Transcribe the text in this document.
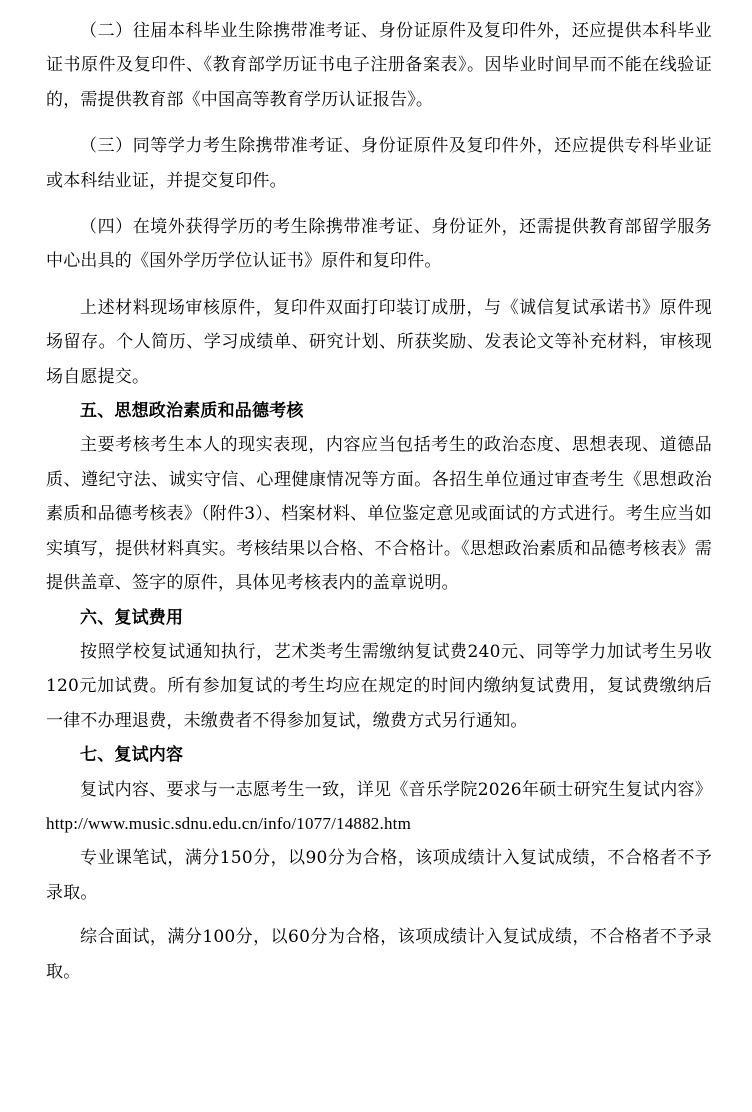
（二）往届本科毕业生除携带准考证、身份证原件及复印件外，还应提供本科毕业证书原件及复印件、《教育部学历证书电子注册备案表》。因毕业时间早而不能在线验证的，需提供教育部《中国高等教育学历认证报告》。

（三）同等学力考生除携带准考证、身份证原件及复印件外，还应提供专科毕业证或本科结业证，并提交复印件。

（四）在境外获得学历的考生除携带准考证、身份证外，还需提供教育部留学服务中心出具的《国外学历学位认证书》原件和复印件。

上述材料现场审核原件，复印件双面打印装订成册，与《诚信复试承诺书》原件现场留存。个人简历、学习成绩单、研究计划、所获奖励、发表论文等补充材料，审核现场自愿提交。

五、思想政治素质和品德考核

主要考核考生本人的现实表现，内容应当包括考生的政治态度、思想表现、道德品质、遵纪守法、诚实守信、心理健康情况等方面。各招生单位通过审查考生《思想政治素质和品德考核表》（附件3）、档案材料、单位鉴定意见或面试的方式进行。考生应当如实填写，提供材料真实。考核结果以合格、不合格计。《思想政治素质和品德考核表》需提供盖章、签字的原件，具体见考核表内的盖章说明。

六、复试费用

按照学校复试通知执行，艺术类考生需缴纳复试费240元、同等学力加试考生另收120元加试费。所有参加复试的考生均应在规定的时间内缴纳复试费用，复试费缴纳后一律不办理退费，未缴费者不得参加复试，缴费方式另行通知。

七、复试内容

复试内容、要求与一志愿考生一致，详见《音乐学院2026年硕士研究生复试内容》http://www.music.sdnu.edu.cn/info/1077/14882.htm

专业课笔试，满分150分，以90分为合格，该项成绩计入复试成绩，不合格者不予录取。

综合面试，满分100分，以60分为合格，该项成绩计入复试成绩，不合格者不予录取。
